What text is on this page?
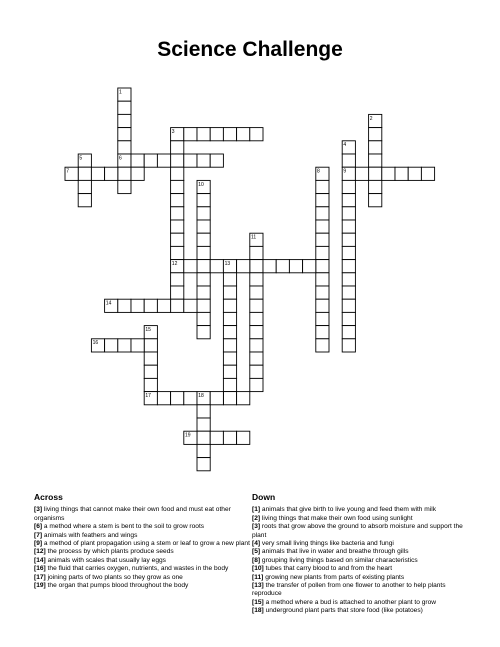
Science Challenge
1
2
3
4
5	6
7	8	9
10
11
12	13
14
15
16
17	18
19
Across

[3] living things that cannot make their own food and must eat other organisms

[6] a method where a stem is bent to the soil to grow roots

[7] animals with feathers and wings

[9] a method of plant propagation using a stem or leaf to grow a new plant

[12] the process by which plants produce seeds

[14] animals with scales that usually lay eggs

[16] the fluid that carries oxygen, nutrients, and wastes in the body

[17] joining parts of two plants so they grow as one

[19] the organ that pumps blood throughout the body

Down

[1] animals that give birth to live young and feed them with milk

[2] living things that make their own food using sunlight

[3] roots that grow above the ground to absorb moisture and support the plant

[4] very small living things like bacteria and fungi

[5] animals that live in water and breathe through gills

[8] grouping living things based on similar characteristics

[10] tubes that carry blood to and from the heart

[11] growing new plants from parts of existing plants

[13] the transfer of pollen from one flower to another to help plants reproduce

[15] a method where a bud is attached to another plant to grow

[18] underground plant parts that store food (like potatoes)
